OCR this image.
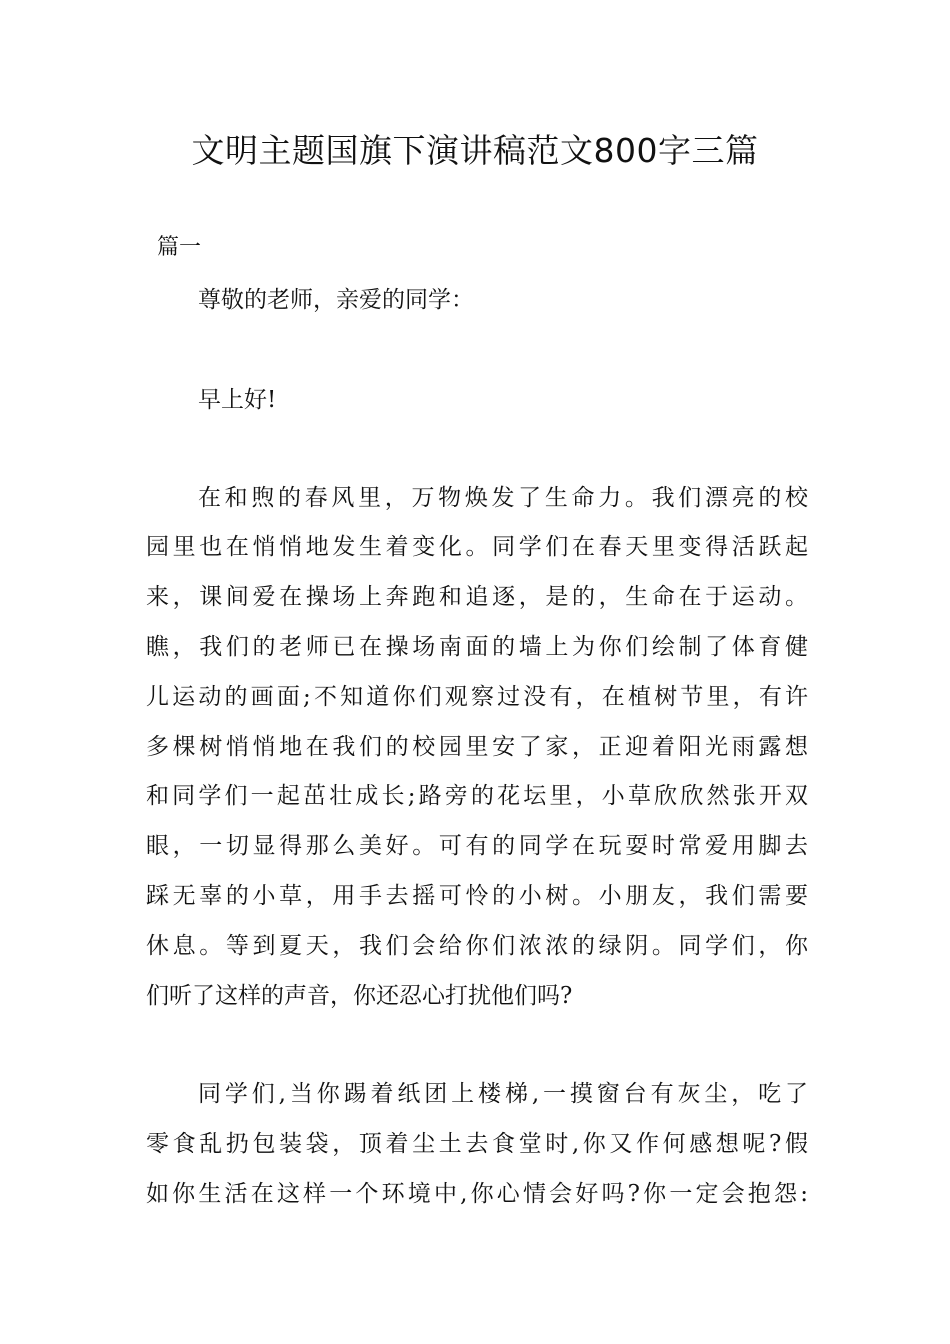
文明主题国旗下演讲稿范文800字三篇
篇一
尊敬的老师，亲爱的同学：
早上好!
在和煦的春风里，万物焕发了生命力。我们漂亮的校
园里也在悄悄地发生着变化。同学们在春天里变得活跃起
来，课间爱在操场上奔跑和追逐，是的，生命在于运动。
瞧，我们的老师已在操场南面的墙上为你们绘制了体育健
儿运动的画面;不知道你们观察过没有，在植树节里，有许
多棵树悄悄地在我们的校园里安了家，正迎着阳光雨露想
和同学们一起茁壮成长;路旁的花坛里，小草欣欣然张开双
眼，一切显得那么美好。可有的同学在玩耍时常爱用脚去
踩无辜的小草，用手去摇可怜的小树。小朋友，我们需要
休息。等到夏天，我们会给你们浓浓的绿阴。同学们，你
们听了这样的声音，你还忍心打扰他们吗?
同学们,当你踢着纸团上楼梯,一摸窗台有灰尘，吃了
零食乱扔包装袋，顶着尘土去食堂时,你又作何感想呢?假
如你生活在这样一个环境中,你心情会好吗?你一定会抱怨:
